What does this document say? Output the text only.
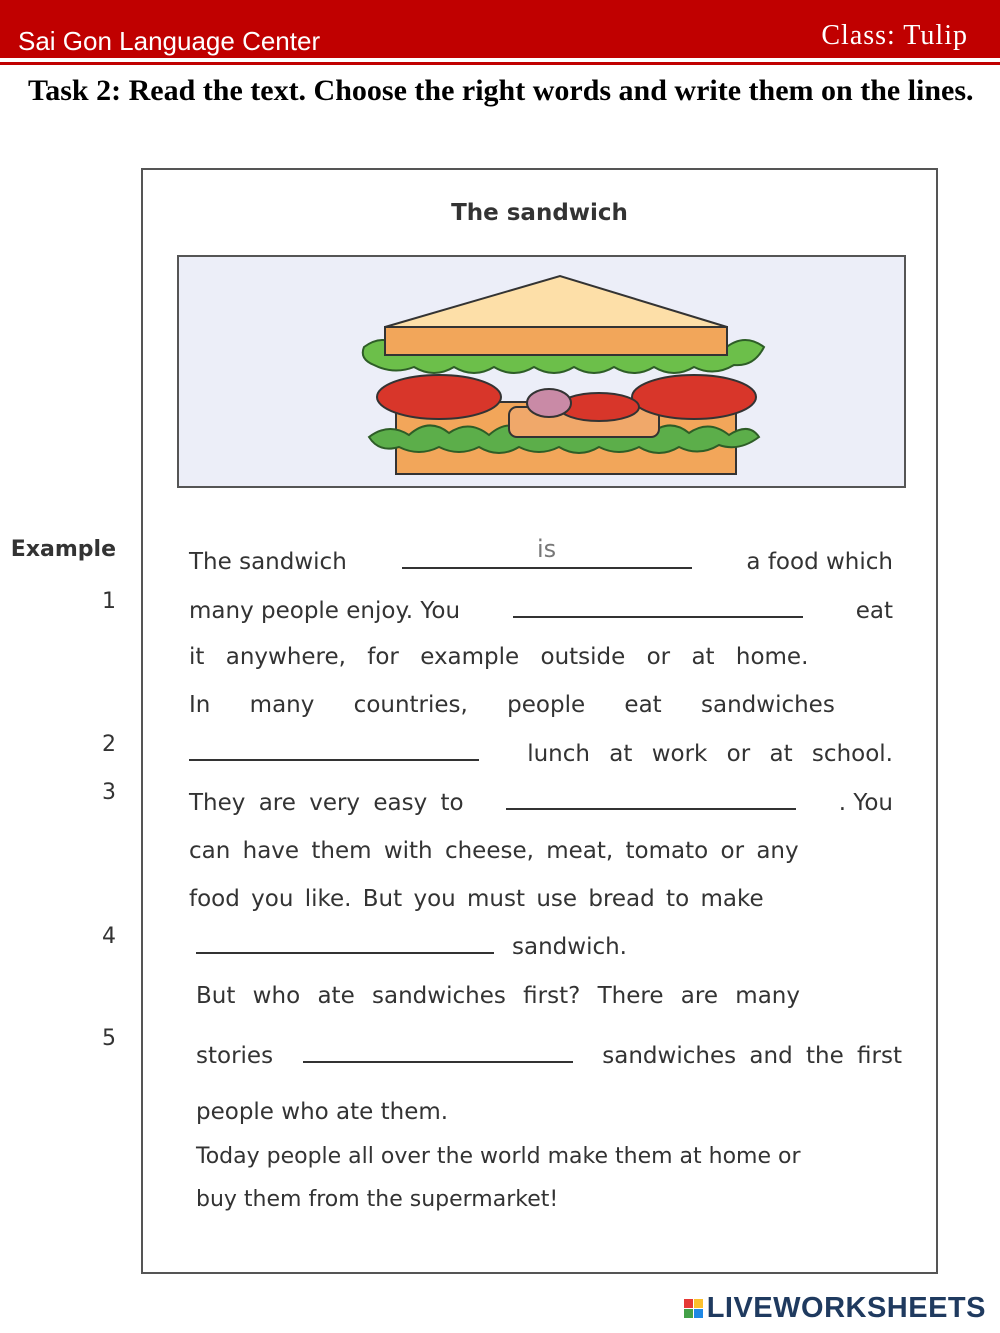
Sai Gon Language Center	Class: Tulip
Task 2: Read the text. Choose the right words and write them on the lines.
The sandwich
Example
1
2
3
4
5
The sandwich	is	a food which
many people enjoy. You	eat
it anywhere, for example outside or at home.
In many countries, people eat sandwiches
lunch at work or at school.
They are very easy to	. You
can have them with cheese, meat, tomato or any
food you like. But you must use bread to make
sandwich.
But who ate sandwiches first? There are many
stories	sandwiches and the first
people who ate them.
Today people all over the world make them at home or
buy them from the supermarket!
LIVEWORKSHEETS
